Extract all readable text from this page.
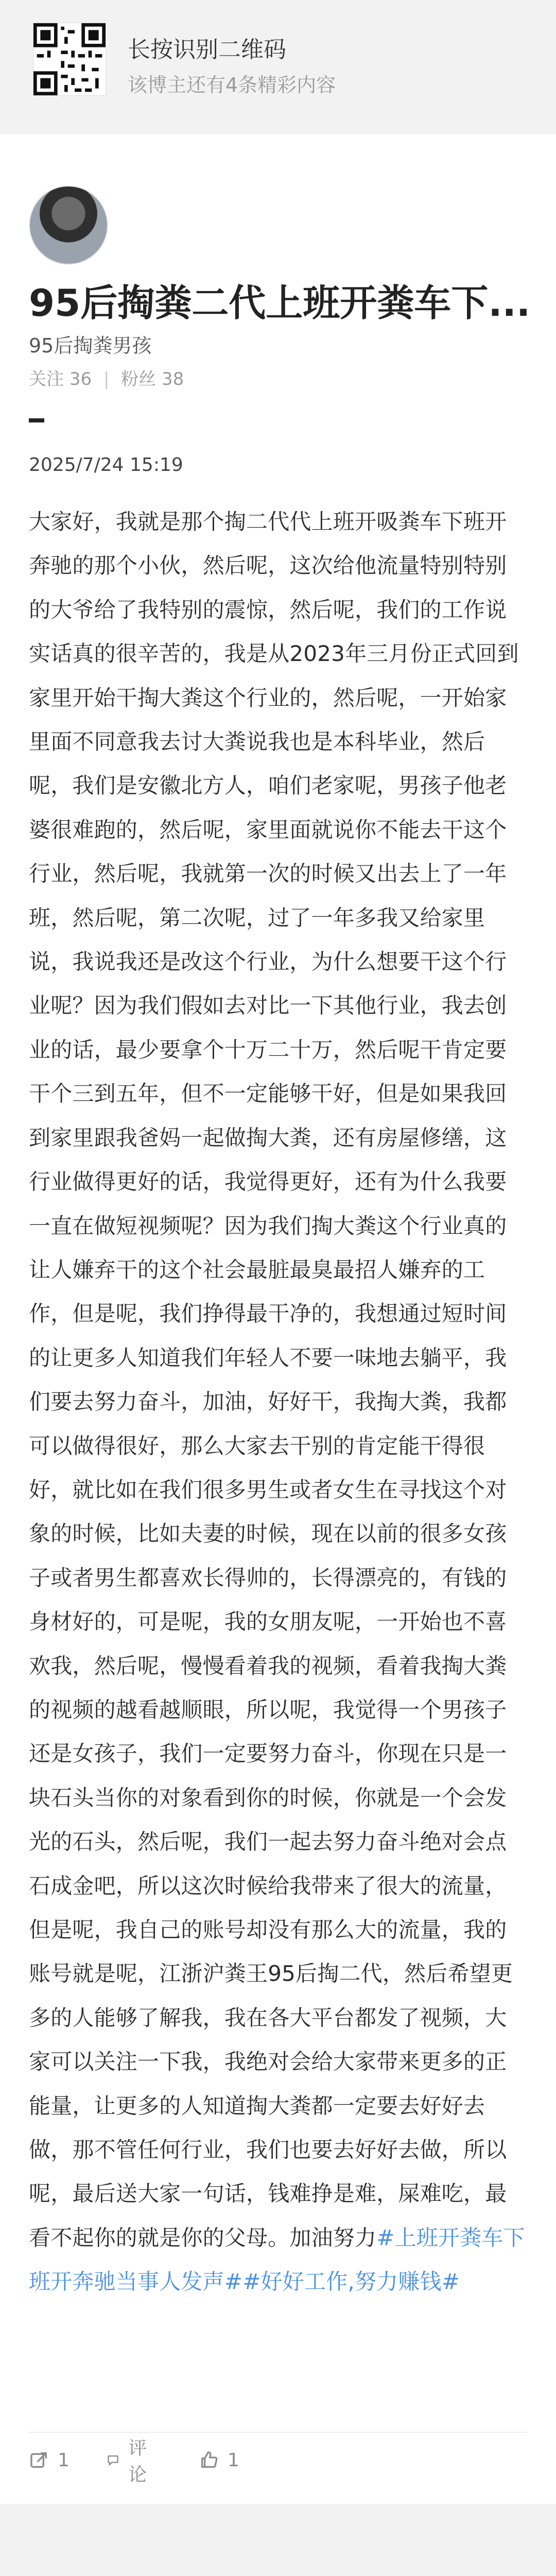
长按识别二维码
该博主还有4条精彩内容
95后掏粪二代上班开粪车下...
95后掏粪男孩
关注 36 | 粉丝 38
2025/7/24 15:19
大家好，我就是那个掏二代代上班开吸粪车下班开奔驰的那个小伙，然后呢，这次给他流量特别特别的大爷给了我特别的震惊，然后呢，我们的工作说实话真的很辛苦的，我是从2023年三月份正式回到家里开始干掏大粪这个行业的，然后呢，一开始家里面不同意我去讨大粪说我也是本科毕业，然后呢，我们是安徽北方人，咱们老家呢，男孩子他老婆很难跑的，然后呢，家里面就说你不能去干这个行业，然后呢，我就第一次的时候又出去上了一年班，然后呢，第二次呢，过了一年多我又给家里说，我说我还是改这个行业，为什么想要干这个行业呢？因为我们假如去对比一下其他行业，我去创业的话，最少要拿个十万二十万，然后呢干肯定要干个三到五年，但不一定能够干好，但是如果我回到家里跟我爸妈一起做掏大粪，还有房屋修缮，这行业做得更好的话，我觉得更好，还有为什么我要一直在做短视频呢？因为我们掏大粪这个行业真的让人嫌弃干的这个社会最脏最臭最招人嫌弃的工作，但是呢，我们挣得最干净的，我想通过短时间的让更多人知道我们年轻人不要一味地去躺平，我们要去努力奋斗，加油，好好干，我掏大粪，我都可以做得很好，那么大家去干别的肯定能干得很好，就比如在我们很多男生或者女生在寻找这个对象的时候，比如夫妻的时候，现在以前的很多女孩子或者男生都喜欢长得帅的，长得漂亮的，有钱的身材好的，可是呢，我的女朋友呢，一开始也不喜欢我，然后呢，慢慢看着我的视频，看着我掏大粪的视频的越看越顺眼，所以呢，我觉得一个男孩子还是女孩子，我们一定要努力奋斗，你现在只是一块石头当你的对象看到你的时候，你就是一个会发光的石头，然后呢，我们一起去努力奋斗绝对会点石成金吧，所以这次时候给我带来了很大的流量，但是呢，我自己的账号却没有那么大的流量，我的账号就是呢，江浙沪粪王95后掏二代，然后希望更多的人能够了解我，我在各大平台都发了视频，大家可以关注一下我，我绝对会给大家带来更多的正能量，让更多的人知道掏大粪都一定要去好好去做，那不管任何行业，我们也要去好好去做，所以呢，最后送大家一句话，钱难挣是难，屎难吃，最看不起你的就是你的父母。加油努力#上班开粪车下班开奔驰当事人发声##好好工作,努力赚钱#
1
评论
1
